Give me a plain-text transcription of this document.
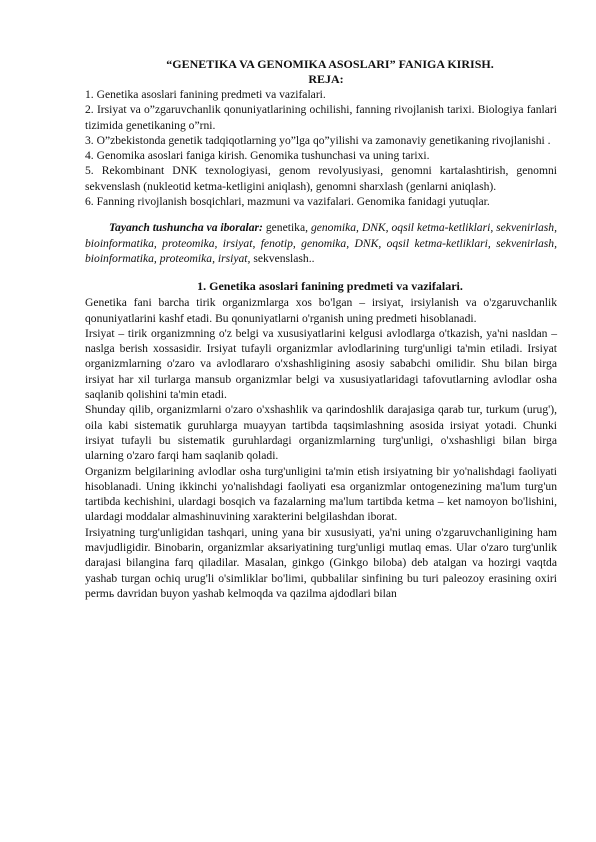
“GENETIKA VA GENOMIKA ASOSLARI” FANIGA KIRISH.

REJA:

1. Genetika asoslari fanining predmeti va vazifalari.
2. Irsiyat va o”zgaruvchanlik qonuniyatlarining ochilishi, fanning rivojlanish tarixi. Biologiya fanlari tizimida genetikaning o”rni.
3. O”zbekistonda genetik tadqiqotlarning yo”lga qo”yilishi va zamonaviy genetikaning rivojlanishi .
4. Genomika asoslari faniga kirish. Genomika tushunchasi va uning tarixi.
5. Rekombinant DNK texnologiyasi, genom revolyusiyasi, genomni kartalashtirish, genomni sekvenslash (nukleotid ketma-ketligini aniqlash), genomni sharxlash (genlarni aniqlash).
6. Fanning rivojlanish bosqichlari, mazmuni va vazifalari. Genomika fanidagi yutuqlar.

Tayanch tushuncha va iboralar: genetika, genomika, DNK, oqsil ketma-ketliklari, sekvenirlash, bioinformatika, proteomika, irsiyat, fenotip, genomika, DNK, oqsil ketma-ketliklari, sekvenirlash, bioinformatika, proteomika, irsiyat, sekvenslash..

1. Genetika asoslari fanining predmeti va vazifalari.

Genetika fani barcha tirik organizmlarga xos bo'lgan – irsiyat, irsiylanish va o'zgaruvchanlik qonuniyatlarini kashf etadi. Bu qonuniyatlarni o'rganish uning predmeti hisoblanadi.

Irsiyat – tirik organizmning o'z belgi va xususiyatlarini kelgusi avlodlarga o'tkazish, ya'ni nasldan – naslga berish xossasidir. Irsiyat tufayli organizmlar avlodlarining turg'unligi ta'min etiladi. Irsiyat organizmlarning o'zaro va avlodlararo o'xshashligining asosiy sababchi omilidir. Shu bilan birga irsiyat har xil turlarga mansub organizmlar belgi va xususiyatlaridagi tafovutlarning avlodlar osha saqlanib qolishini ta'min etadi.

Shunday qilib, organizmlarni o'zaro o'xshashlik va qarindoshlik darajasiga qarab tur, turkum (urug'), oila kabi sistematik guruhlarga muayyan tartibda taqsimlashning asosida irsiyat yotadi. Chunki irsiyat tufayli bu sistematik guruhlardagi organizmlarning turg'unligi, o'xshashligi bilan birga ularning o'zaro farqi ham saqlanib qoladi.

Organizm belgilarining avlodlar osha turg'unligini ta'min etish irsiyatning bir yo'nalishdagi faoliyati hisoblanadi. Uning ikkinchi yo'nalishdagi faoliyati esa organizmlar ontogenezining ma'lum turg'un tartibda kechishini, ulardagi bosqich va fazalarning ma'lum tartibda ketma – ket namoyon bo'lishini, ulardagi moddalar almashinuvining xarakterini belgilashdan iborat.

Irsiyatning turg'unligidan tashqari, uning yana bir xususiyati, ya'ni uning o'zgaruvchanligining ham mavjudligidir. Binobarin, organizmlar aksariyatining turg'unligi mutlaq emas. Ular o'zaro turg'unlik darajasi bilangina farq qiladilar. Masalan, ginkgo (Ginkgo biloba) deb atalgan va hozirgi vaqtda yashab turgan ochiq urug'li o'simliklar bo'limi, qubbalilar sinfining bu turi paleozoy erasining oxiri permь davridan buyon yashab kelmoqda va qazilma ajdodlari bilan
